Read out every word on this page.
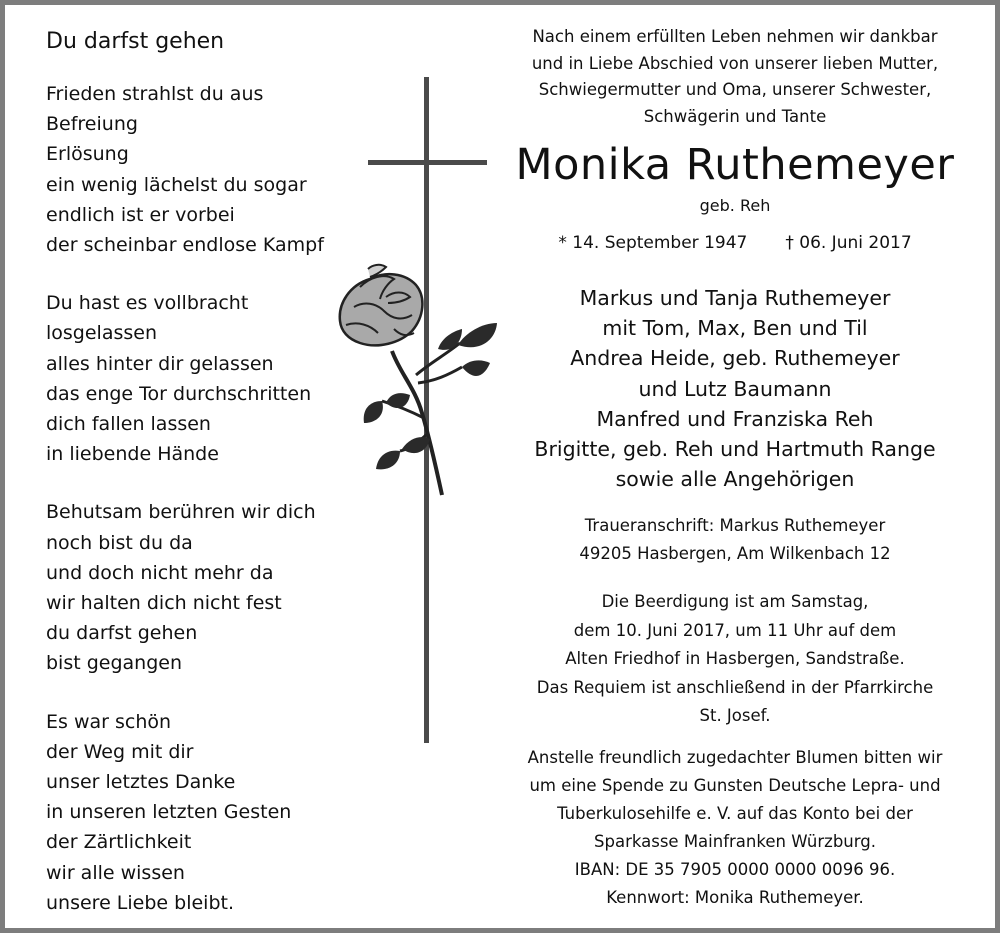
Du darfst gehen
Frieden strahlst du aus
Befreiung
Erlösung
ein wenig lächelst du sogar
endlich ist er vorbei
der scheinbar endlose Kampf
Du hast es vollbracht
losgelassen
alles hinter dir gelassen
das enge Tor durchschritten
dich fallen lassen
in liebende Hände
Behutsam berühren wir dich
noch bist du da
und doch nicht mehr da
wir halten dich nicht fest
du darfst gehen
bist gegangen
Es war schön
der Weg mit dir
unser letztes Danke
in unseren letzten Gesten
der Zärtlichkeit
wir alle wissen
unsere Liebe bleibt.
Nach einem erfüllten Leben nehmen wir dankbar
und in Liebe Abschied von unserer lieben Mutter,
Schwiegermutter und Oma, unserer Schwester,
Schwägerin und Tante
Monika Ruthemeyer
geb. Reh
* 14. September 1947 † 06. Juni 2017
Markus und Tanja Ruthemeyer
mit Tom, Max, Ben und Til
Andrea Heide, geb. Ruthemeyer
und Lutz Baumann
Manfred und Franziska Reh
Brigitte, geb. Reh und Hartmuth Range
sowie alle Angehörigen
Traueranschrift: Markus Ruthemeyer
49205 Hasbergen, Am Wilkenbach 12
Die Beerdigung ist am Samstag,
dem 10. Juni 2017, um 11 Uhr auf dem
Alten Friedhof in Hasbergen, Sandstraße.
Das Requiem ist anschließend in der Pfarrkirche
St. Josef.
Anstelle freundlich zugedachter Blumen bitten wir
um eine Spende zu Gunsten Deutsche Lepra- und
Tuberkulosehilfe e. V. auf das Konto bei der
Sparkasse Mainfranken Würzburg.
IBAN: DE 35 7905 0000 0000 0096 96.
Kennwort: Monika Ruthemeyer.
